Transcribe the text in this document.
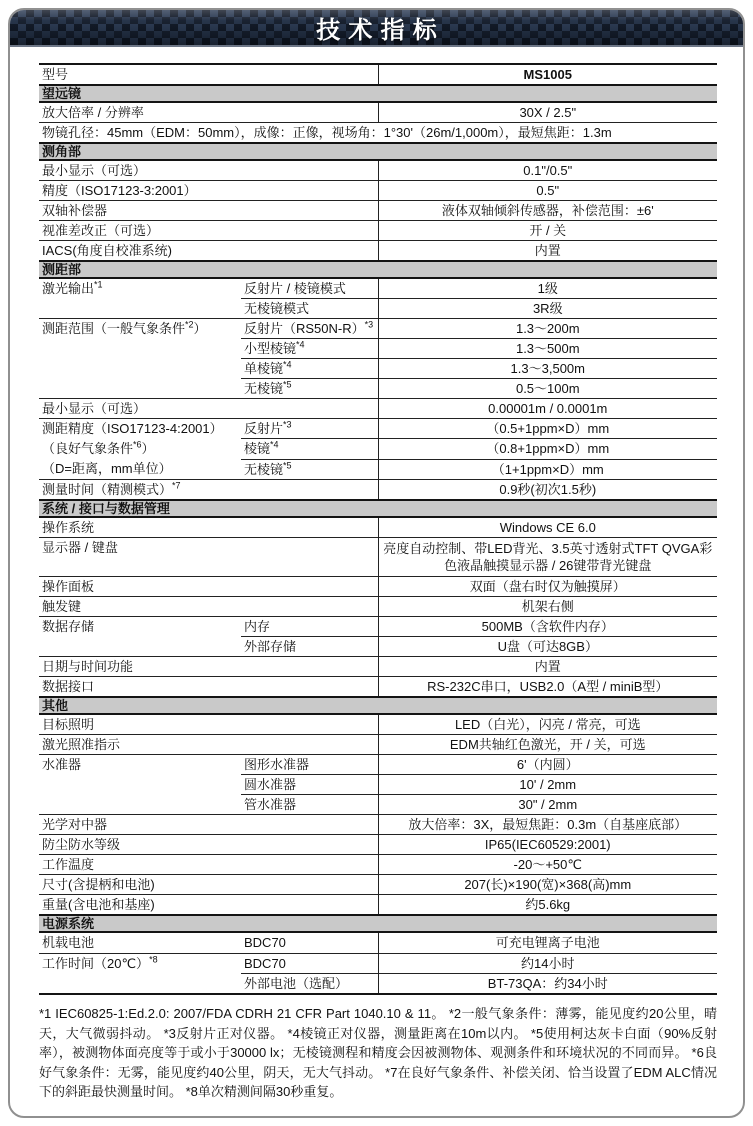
技术指标
型号		MS1005
望远镜		
放大倍率 / 分辨率		30X / 2.5"
物镜孔径：45mm（EDM：50mm），成像：正像，视场角：1°30'（26m/1,000m），最短焦距：1.3m		
测角部		
最小显示（可选）		0.1"/0.5"
精度（ISO17123-3:2001）		0.5"
双轴补偿器		液体双轴倾斜传感器，补偿范围：±6'
视准差改正（可选）		开 / 关
IACS(角度自校准系统)		内置
测距部		

激光输出$^{*1}$	反射片 / 棱镜模式	1级
	无棱镜模式	3R级

测距范围（一般气象条件$^{*2}$）	反射片$(RS50N-R)^{*3}$	1.3～200m
	小型棱镜$^{*4}$	1.3～500m
	单棱镜$^{*4}$	1.3～3,500m
	无棱镜$^{*5}$	0.5～100m
最小显示（可选）		0.00001m / 0.0001m

测距精度（ISO17123-4:2001）
（良好气象条件$^{*6}$）
（D=距离，mm单位）	反射片$^{*3}$	（0.5+1ppm×D）mm
	棱镜$^{*4}$	（0.8+1ppm×D）mm
	无棱镜$^{*5}$	（1+1ppm×D）mm
测量时间（精测模式）$^{*7}$		0.9秒(初次1.5秒)
系统 / 接口与数据管理		
操作系统		Windows CE 6.0
显示器 / 键盘		亮度自动控制、带LED背光、3.5英寸透射式TFT QVGA彩色液晶触摸显示器 / 26键带背光键盘
操作面板		双面（盘右时仅为触摸屏）
触发键		机架右侧

数据存储	内存	500MB（含软件内存）
	外部存储	U盘（可达8GB）
日期与时间功能		内置
数据接口		RS-232C串口，USB2.0（A型 / miniB型）
其他		
目标照明		LED（白光），闪亮 / 常亮，可选
激光照准指示		EDM共轴红色激光，开 / 关，可选

水准器	图形水准器	6'（内圆）
	圆水准器	10' / 2mm
	管水准器	30" / 2mm
光学对中器		放大倍率：3X，最短焦距：0.3m（自基座底部）
防尘防水等级		IP65(IEC60529:2001)
工作温度		-20～+50℃
尺寸(含提柄和电池)		207(长)×190(宽)×368(高)mm
重量(含电池和基座)		约5.6kg
电源系统		

机载电池	BDC70	可充电锂离子电池

工作时间（20℃）$^{*8}$	BDC70	约14小时
	外部电池（选配）	BT-73QA：约34小时
*1 IEC60825-1:Ed.2.0: 2007/FDA CDRH 21 CFR Part 1040.10 & 11。 *2一般气象条件：薄雾，能见度约20公里，晴天，大气微弱抖动。 *3反射片正对仪器。 *4棱镜正对仪器，测量距离在10m以内。 *5使用柯达灰卡白面（90%反射率），被测物体面亮度等于或小于30000 lx；无棱镜测程和精度会因被测物体、观测条件和环境状况的不同而异。 *6良好气象条件：无雾，能见度约40公里，阴天，无大气抖动。 *7在良好气象条件、补偿关闭、恰当设置了EDM ALC情况下的斜距最快测量时间。 *8单次精测间隔30秒重复。
